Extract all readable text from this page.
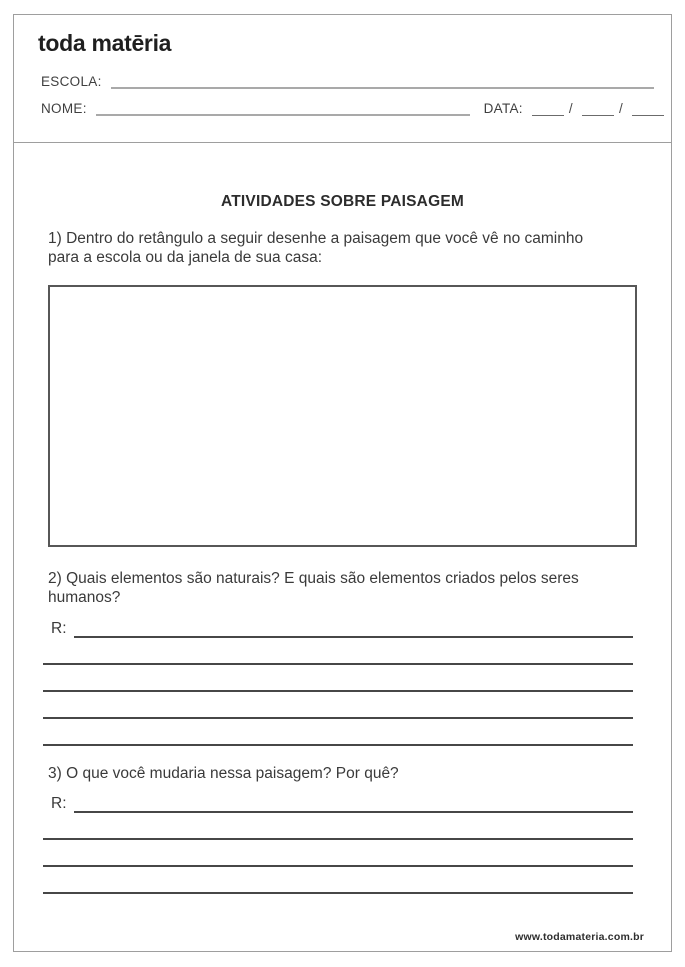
toda matēria
ESCOLA:
NOME:	DATA:	/	/
ATIVIDADES SOBRE PAISAGEM
1) Dentro do retângulo a seguir desenhe a paisagem que você vê no caminho para a escola ou da janela de sua casa:
2) Quais elementos são naturais? E quais são elementos criados pelos seres humanos?
R:
3) O que você mudaria nessa paisagem? Por quê?
R:
www.todamateria.com.br
